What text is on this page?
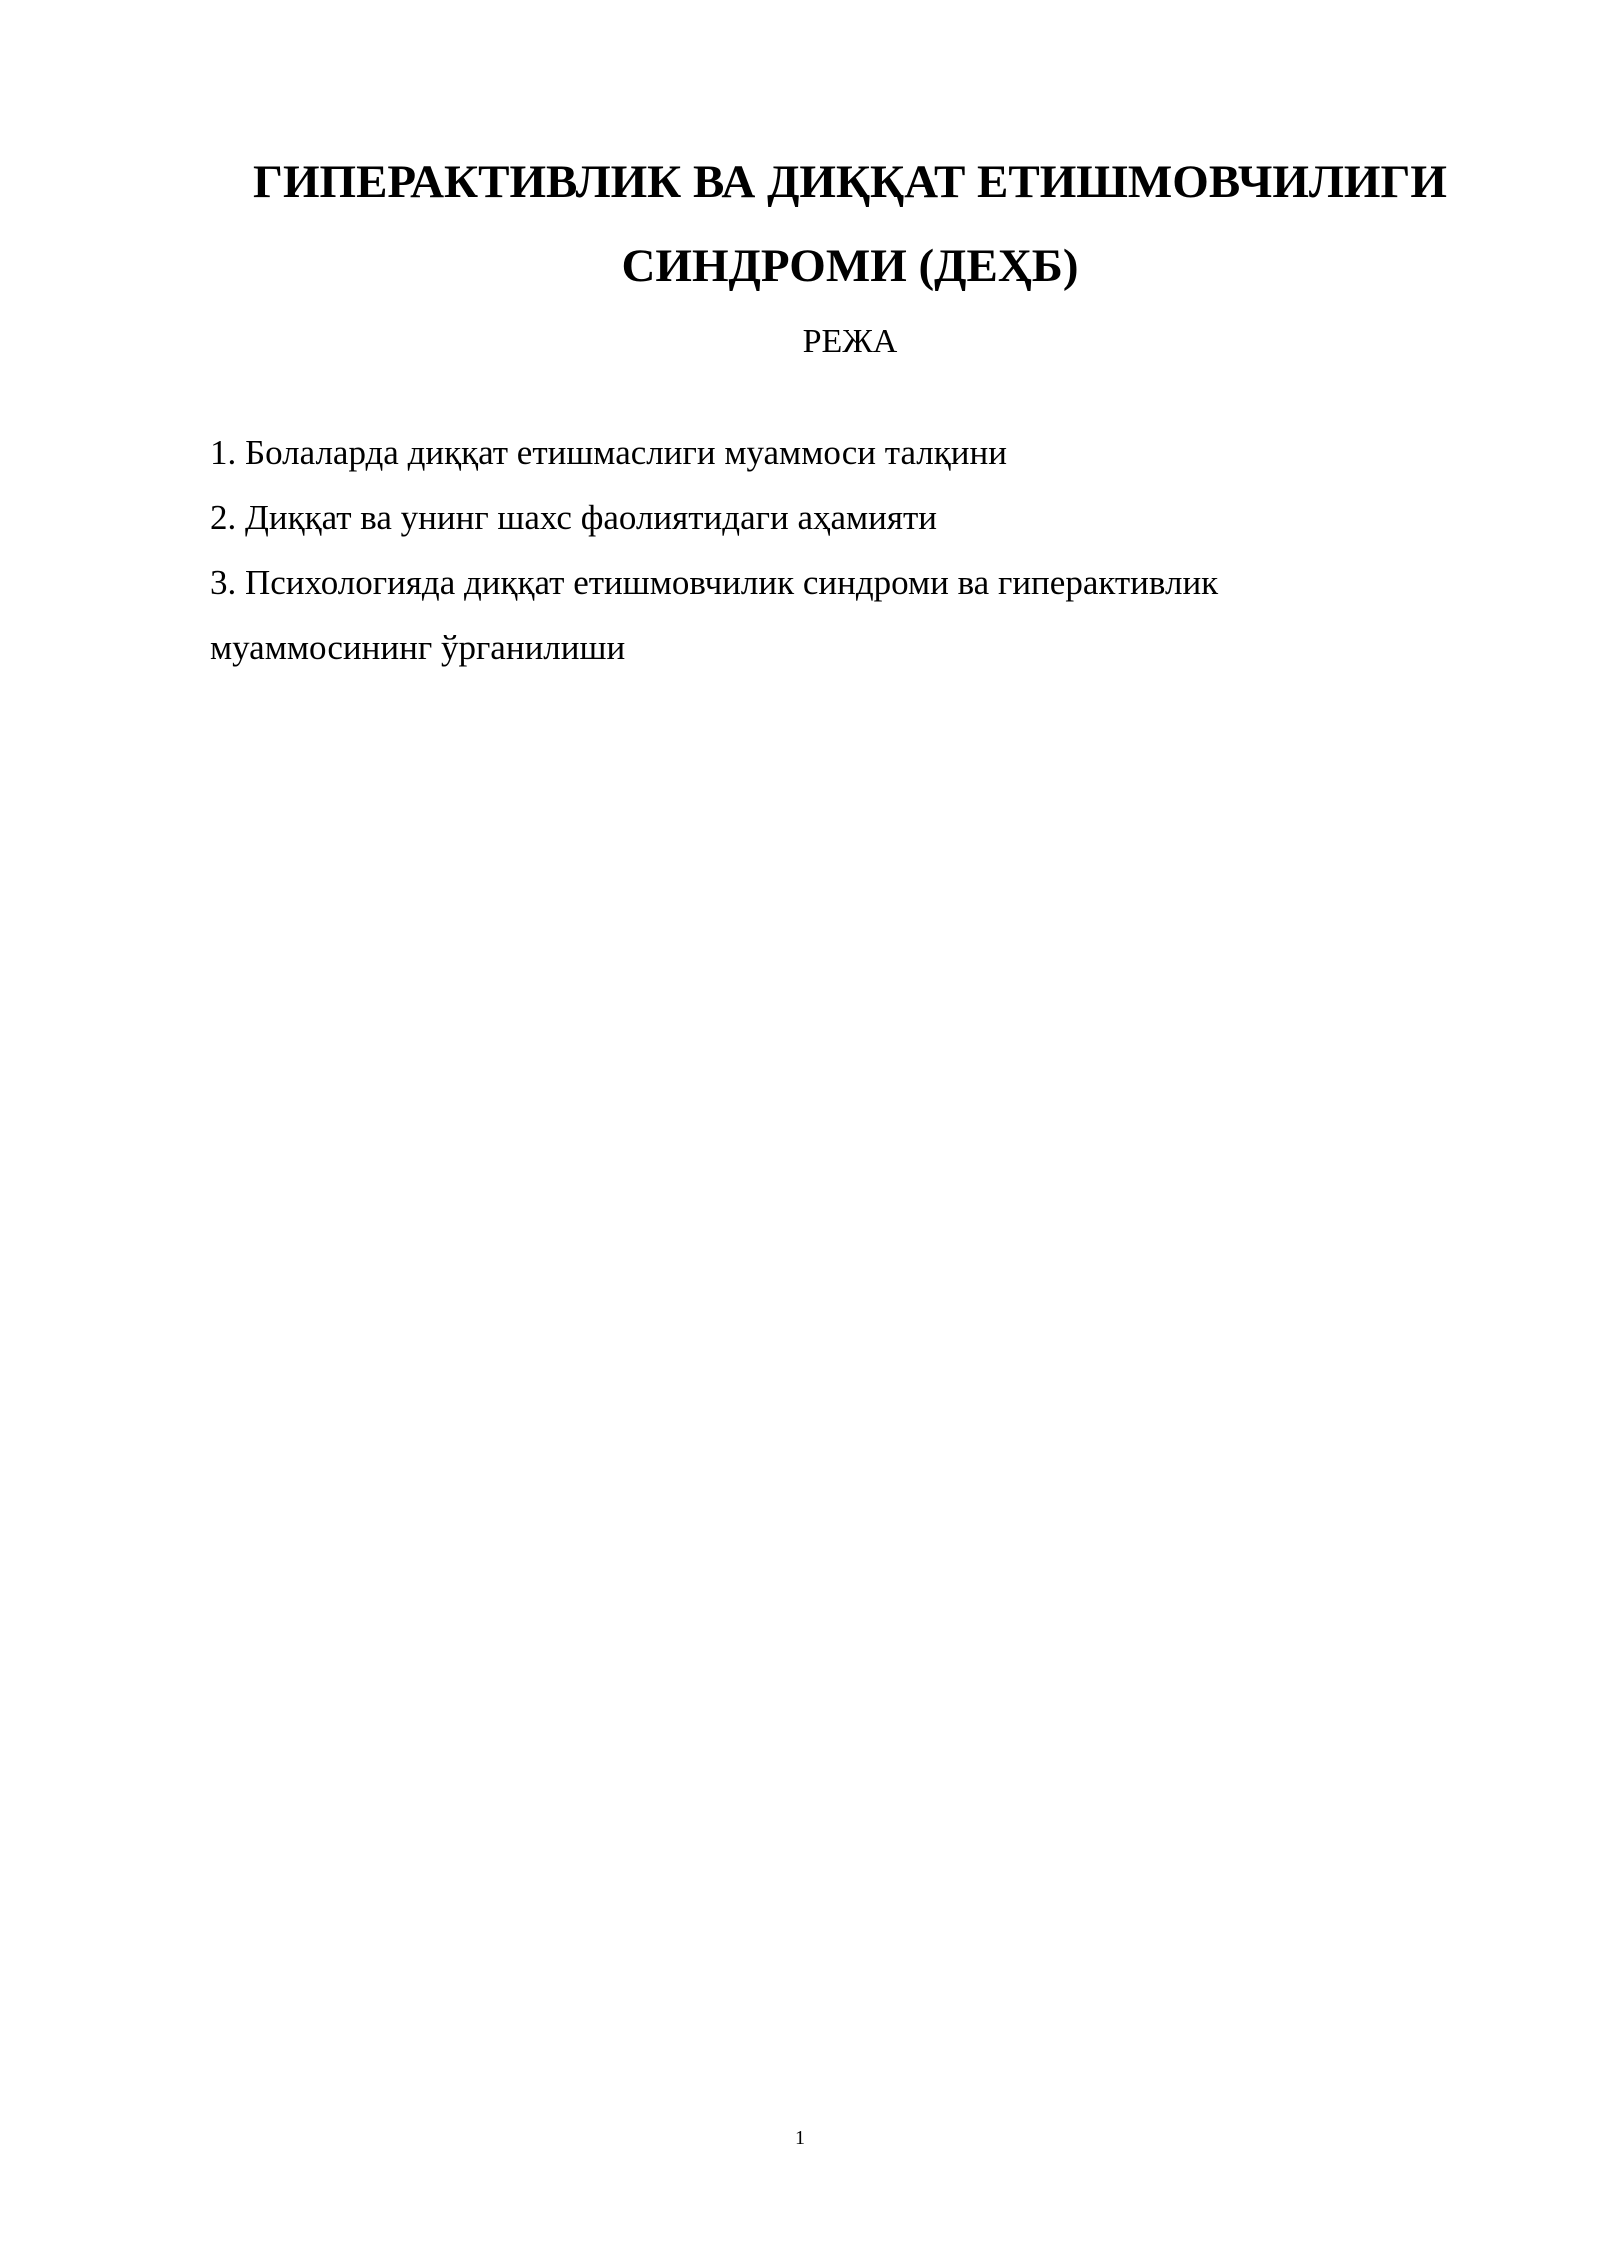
ГИПЕРАКТИВЛИК ВА ДИҚҚАТ ЕТИШМОВЧИЛИГИ
СИНДРОМИ (ДЕҲБ)

РЕЖА

1. Болаларда диққат етишмаслиги муаммоси талқини
2. Диққат ва унинг шахс фаолиятидаги аҳамияти
3. Психологияда диққат етишмовчилик синдроми ва гиперактивлик муаммосининг ўрганилиши
1
